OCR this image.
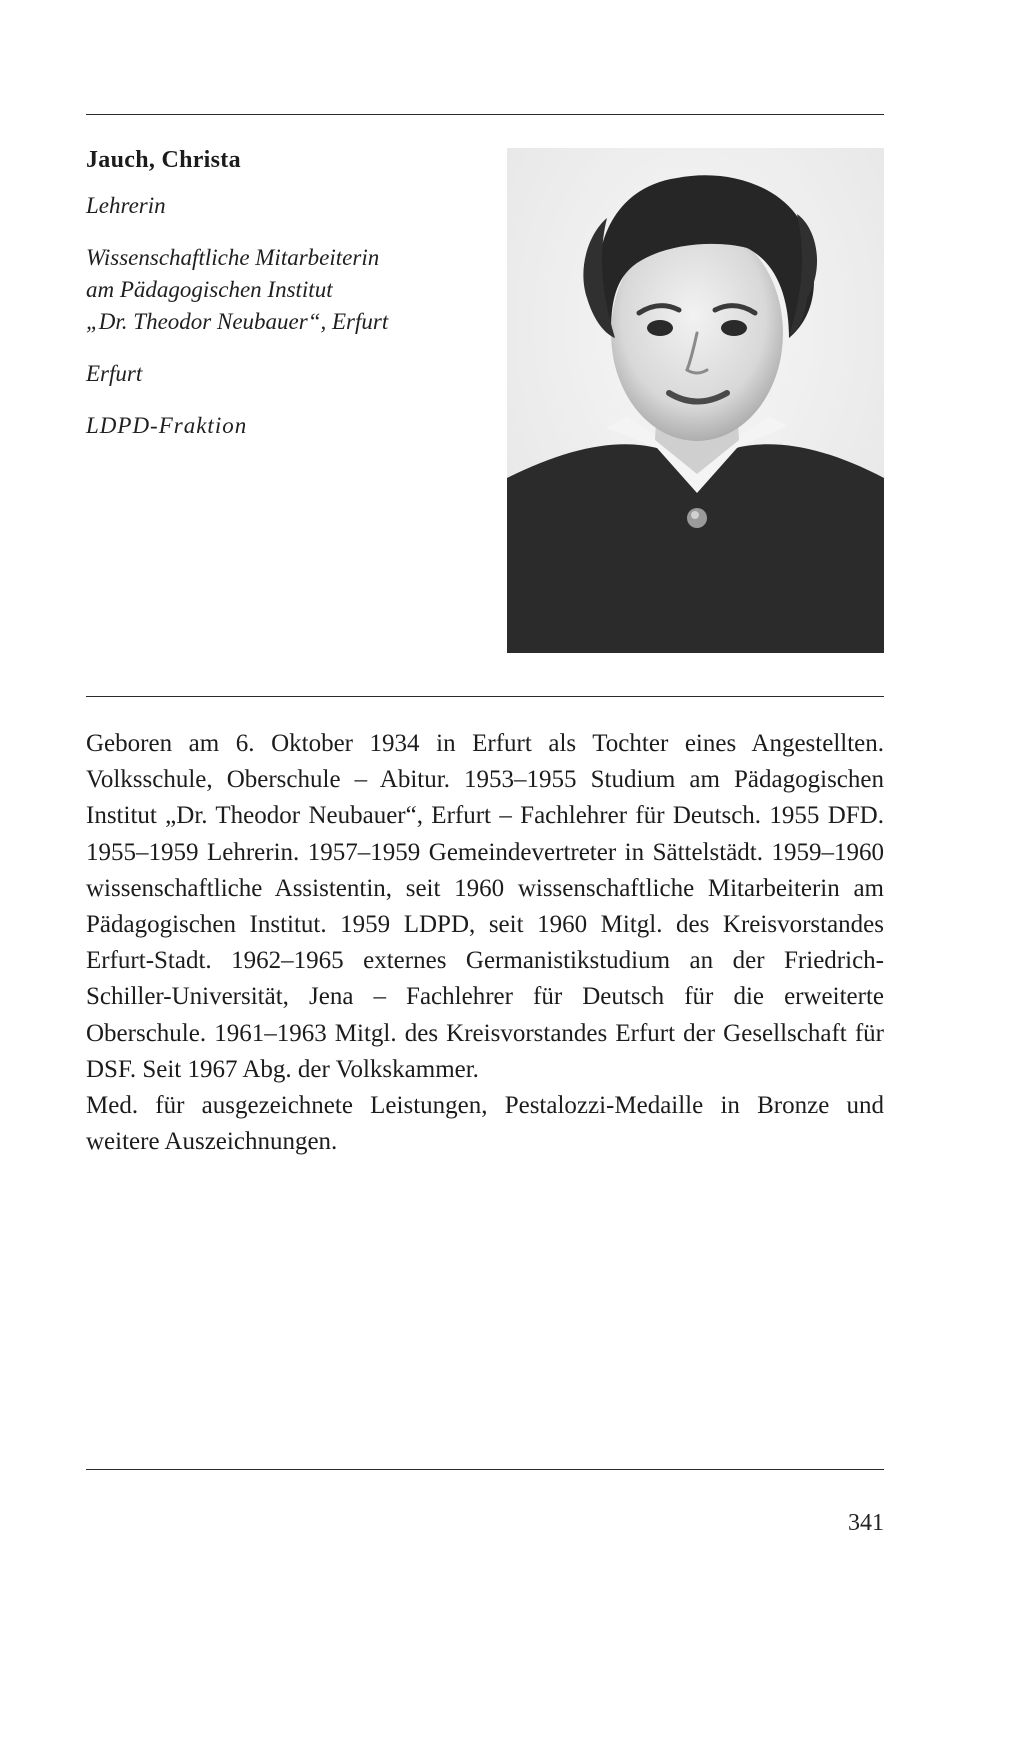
Jauch, Christa

Lehrerin

Wissenschaftliche Mitarbeiterin

am Pädagogischen Institut

„Dr. Theodor Neubauer“, Erfurt

Erfurt

LDPD-Fraktion

Geboren am 6. Oktober 1934 in Erfurt als Tochter eines Angestellten. Volksschule, Oberschule – Abitur. 1953–1955 Studium am Pädagogischen Institut „Dr. Theodor Neubauer“, Erfurt – Fachlehrer für Deutsch. 1955 DFD. 1955–1959 Lehrerin. 1957–1959 Gemeindevertreter in Sättelstädt. 1959–1960 wissenschaftliche Assistentin, seit 1960 wissenschaftliche Mitarbeiterin am Pädagogischen Institut. 1959 LDPD, seit 1960 Mitgl. des Kreisvorstandes Erfurt-Stadt. 1962–1965 externes Germanistikstudium an der Friedrich-Schiller-Universität, Jena – Fachlehrer für Deutsch für die erweiterte Oberschule. 1961–1963 Mitgl. des Kreisvorstandes Erfurt der Gesellschaft für DSF. Seit 1967 Abg. der Volkskammer.

Med. für ausgezeichnete Leistungen, Pestalozzi-Medaille in Bronze und weitere Auszeichnungen.

341
